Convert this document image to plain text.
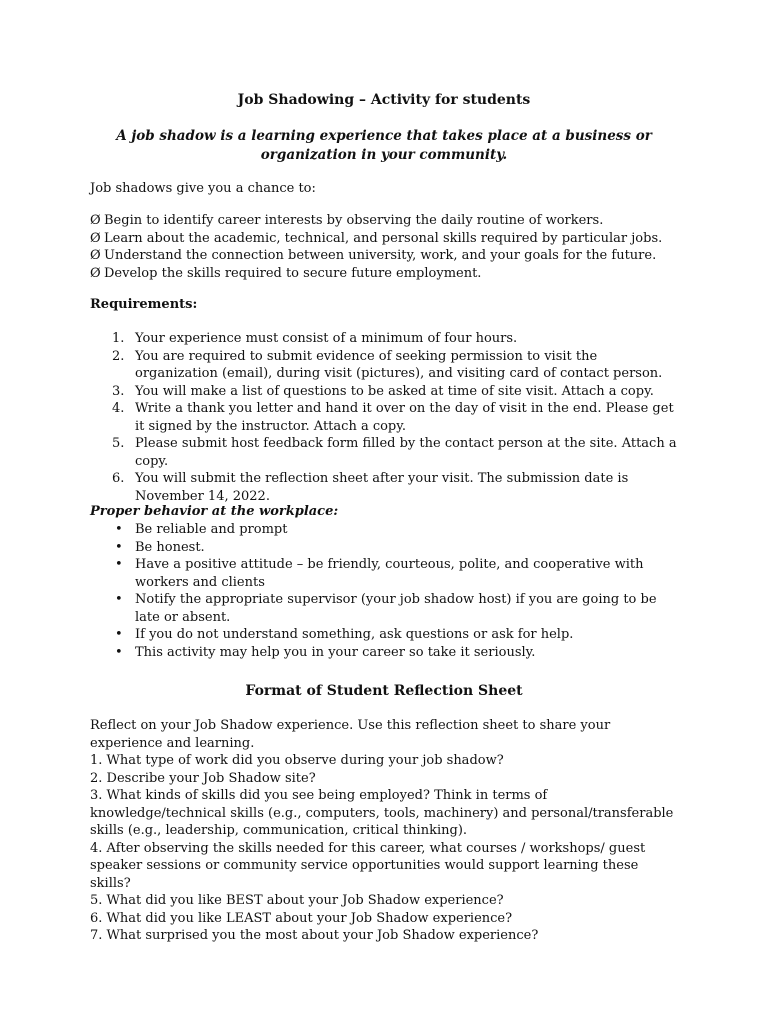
Job Shadowing – Activity for students
A job shadow is a learning experience that takes place at a business or organization in your community.
Job shadows give you a chance to:
Ø Begin to identify career interests by observing the daily routine of workers.
Ø Learn about the academic, technical, and personal skills required by particular jobs.
Ø Understand the connection between university, work, and your goals for the future.
Ø Develop the skills required to secure future employment.
Requirements:
1. Your experience must consist of a minimum of four hours.
2. You are required to submit evidence of seeking permission to visit the organization (email), during visit (pictures), and visiting card of contact person.
3. You will make a list of questions to be asked at time of site visit. Attach a copy.
4. Write a thank you letter and hand it over on the day of visit in the end. Please get it signed by the instructor. Attach a copy.
5. Please submit host feedback form filled by the contact person at the site. Attach a copy.
6. You will submit the reflection sheet after your visit. The submission date is November 14, 2022.
Proper behavior at the workplace:
• Be reliable and prompt
• Be honest.
• Have a positive attitude – be friendly, courteous, polite, and cooperative with workers and clients
• Notify the appropriate supervisor (your job shadow host) if you are going to be late or absent.
• If you do not understand something, ask questions or ask for help.
• This activity may help you in your career so take it seriously.
Format of Student Reflection Sheet

Reflect on your Job Shadow experience. Use this reflection sheet to share your experience and learning.

1. What type of work did you observe during your job shadow?

2. Describe your Job Shadow site?

3. What kinds of skills did you see being employed? Think in terms of knowledge/technical skills (e.g., computers, tools, machinery) and personal/transferable skills (e.g., leadership, communication, critical thinking).

4. After observing the skills needed for this career, what courses / workshops/ guest speaker sessions or community service opportunities would support learning these skills?

5. What did you like BEST about your Job Shadow experience?

6. What did you like LEAST about your Job Shadow experience?

7. What surprised you the most about your Job Shadow experience?
